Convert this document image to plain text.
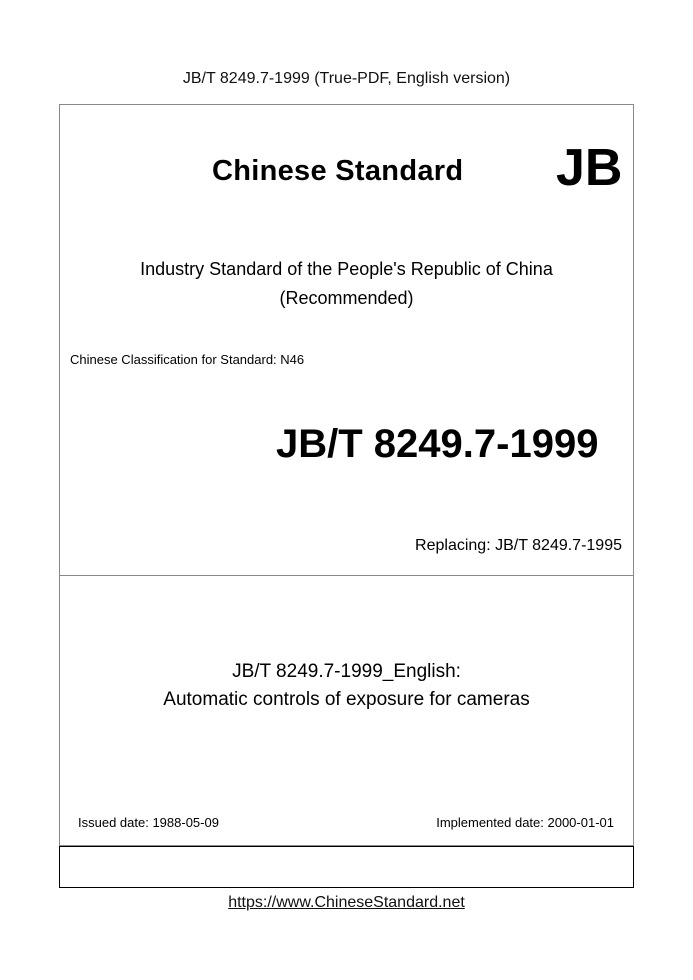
JB/T 8249.7-1999 (True-PDF, English version)
Chinese Standard JB
Industry Standard of the People's Republic of China
(Recommended)
Chinese Classification for Standard: N46
JB/T 8249.7-1999
Replacing: JB/T 8249.7-1995
JB/T 8249.7-1999_English:
Automatic controls of exposure for cameras
Issued date: 1988-05-09	Implemented date: 2000-01-01
https://www.ChineseStandard.net
